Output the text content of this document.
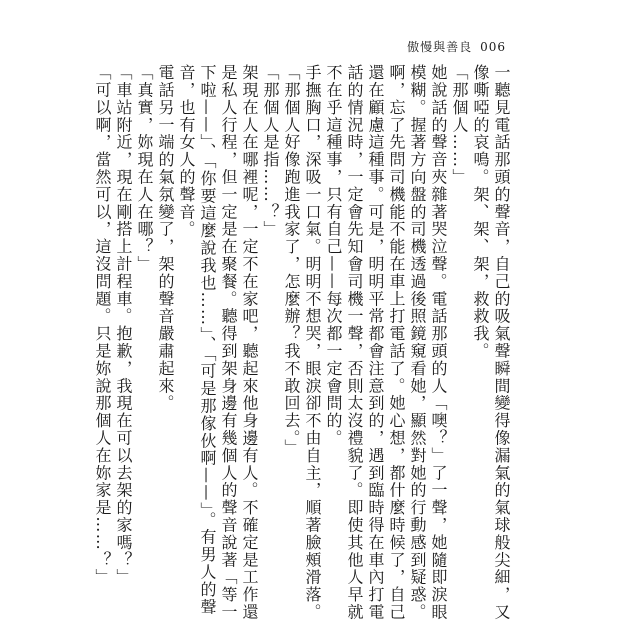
傲慢與善良 006

一聽見電話那頭的聲音，自己的吸氣聲瞬間變得像漏氣的氣球般尖細，又像嘶啞的哀鳴。架、架、架，救救我。

「那個人……」

她說話的聲音夾雜著哭泣聲。電話那頭的人「噢？」了一聲，她隨即淚眼模糊。握著方向盤的司機透過後照鏡窺看她，顯然對她的行動感到疑惑。啊，忘了先問司機能不能在車上打電話了。她心想，都什麼時候了，自己還在顧慮這種事。可是，明明平常都會注意到的，遇到臨時得在車內打電話的情況時，一定會先知會司機一聲，否則太沒禮貌了。即使其他人早就不在乎這種事，只有自己——每次都一定會問的。

手撫胸口，深吸一口氣。明明不想哭，眼淚卻不由自主，順著臉頰滑落。

「那個人好像跑進我家了，怎麼辦？我不敢回去。」

「那個人是指……？」

架現在人在哪裡呢，一定不在家吧，聽起來他身邊有人。不確定是工作還是私人行程，但一定是在聚餐。聽得到架身邊有幾個人的聲音說著「等一下啦——」、「你要這麼說我也……」、「可是那傢伙啊——」。有男人的聲音，也有女人的聲音。

電話另一端的氣氛變了，架的聲音嚴肅起來。

「真實，妳現在人在哪？」

「車站附近，現在剛搭上計程車。抱歉，我現在可以去架的家嗎？」

「可以啊，當然可以，這沒問題。只是妳說那個人在妳家是……？」
